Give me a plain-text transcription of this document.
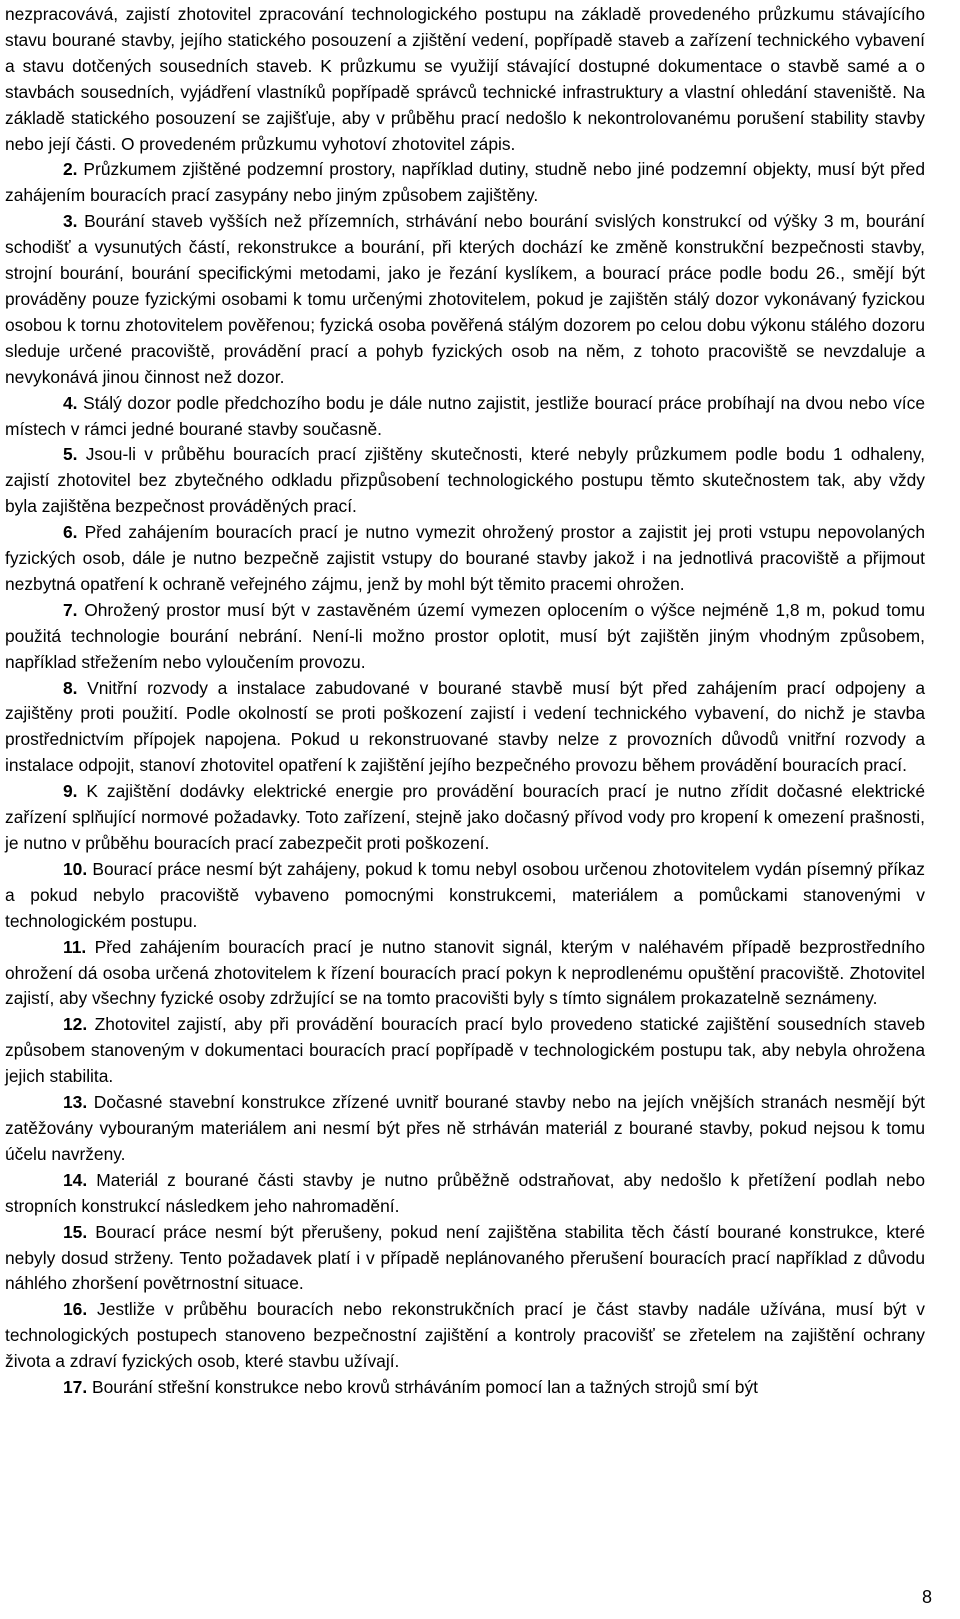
nezpracovává, zajistí zhotovitel zpracování technologického postupu na základě provedeného průzkumu stávajícího stavu bourané stavby, jejího statického posouzení a zjištění vedení, popřípadě staveb a zařízení technického vybavení a stavu dotčených sousedních staveb. K průzkumu se využijí stávající dostupné dokumentace o stavbě samé a o stavbách sousedních, vyjádření vlastníků popřípadě správců technické infrastruktury a vlastní ohledání staveniště. Na základě statického posouzení se zajišťuje, aby v průběhu prací nedošlo k nekontrolovanému porušení stability stavby nebo její části. O provedeném průzkumu vyhotoví zhotovitel zápis.

2. Průzkumem zjištěné podzemní prostory, například dutiny, studně nebo jiné podzemní objekty, musí být před zahájením bouracích prací zasypány nebo jiným způsobem zajištěny.

3. Bourání staveb vyšších než přízemních, strhávání nebo bourání svislých konstrukcí od výšky 3 m, bourání schodišť a vysunutých částí, rekonstrukce a bourání, při kterých dochází ke změně konstrukční bezpečnosti stavby, strojní bourání, bourání specifickými metodami, jako je řezání kyslíkem, a bourací práce podle bodu 26., smějí být prováděny pouze fyzickými osobami k tomu určenými zhotovitelem, pokud je zajištěn stálý dozor vykonávaný fyzickou osobou k tornu zhotovitelem pověřenou; fyzická osoba pověřená stálým dozorem po celou dobu výkonu stálého dozoru sleduje určené pracoviště, provádění prací a pohyb fyzických osob na něm, z tohoto pracoviště se nevzdaluje a nevykonává jinou činnost než dozor.

4. Stálý dozor podle předchozího bodu je dále nutno zajistit, jestliže bourací práce probíhají na dvou nebo více místech v rámci jedné bourané stavby současně.

5. Jsou-li v průběhu bouracích prací zjištěny skutečnosti, které nebyly průzkumem podle bodu 1 odhaleny, zajistí zhotovitel bez zbytečného odkladu přizpůsobení technologického postupu těmto skutečnostem tak, aby vždy byla zajištěna bezpečnost prováděných prací.

6. Před zahájením bouracích prací je nutno vymezit ohrožený prostor a zajistit jej proti vstupu nepovolaných fyzických osob, dále je nutno bezpečně zajistit vstupy do bourané stavby jakož i na jednotlivá pracoviště a přijmout nezbytná opatření k ochraně veřejného zájmu, jenž by mohl být těmito pracemi ohrožen.

7. Ohrožený prostor musí být v zastavěném území vymezen oplocením o výšce nejméně 1,8 m, pokud tomu použitá technologie bourání nebrání. Není-li možno prostor oplotit, musí být zajištěn jiným vhodným způsobem, například střežením nebo vyloučením provozu.

8. Vnitřní rozvody a instalace zabudované v bourané stavbě musí být před zahájením prací odpojeny a zajištěny proti použití. Podle okolností se proti poškození zajistí i vedení technického vybavení, do nichž je stavba prostřednictvím přípojek napojena. Pokud u rekonstruované stavby nelze z provozních důvodů vnitřní rozvody a instalace odpojit, stanoví zhotovitel opatření k zajištění jejího bezpečného provozu během provádění bouracích prací.

9. K zajištění dodávky elektrické energie pro provádění bouracích prací je nutno zřídit dočasné elektrické zařízení splňující normové požadavky. Toto zařízení, stejně jako dočasný přívod vody pro kropení k omezení prašnosti, je nutno v průběhu bouracích prací zabezpečit proti poškození.

10. Bourací práce nesmí být zahájeny, pokud k tomu nebyl osobou určenou zhotovitelem vydán písemný příkaz a pokud nebylo pracoviště vybaveno pomocnými konstrukcemi, materiálem a pomůckami stanovenými v technologickém postupu.

11. Před zahájením bouracích prací je nutno stanovit signál, kterým v naléhavém případě bezprostředního ohrožení dá osoba určená zhotovitelem k řízení bouracích prací pokyn k neprodlenému opuštění pracoviště. Zhotovitel zajistí, aby všechny fyzické osoby zdržující se na tomto pracovišti byly s tímto signálem prokazatelně seznámeny.

12. Zhotovitel zajistí, aby při provádění bouracích prací bylo provedeno statické zajištění sousedních staveb způsobem stanoveným v dokumentaci bouracích prací popřípadě v technologickém postupu tak, aby nebyla ohrožena jejich stabilita.

13. Dočasné stavební konstrukce zřízené uvnitř bourané stavby nebo na jejích vnějších stranách nesmějí být zatěžovány vybouraným materiálem ani nesmí být přes ně strháván materiál z bourané stavby, pokud nejsou k tomu účelu navrženy.

14. Materiál z bourané části stavby je nutno průběžně odstraňovat, aby nedošlo k přetížení podlah nebo stropních konstrukcí následkem jeho nahromadění.

15. Bourací práce nesmí být přerušeny, pokud není zajištěna stabilita těch částí bourané konstrukce, které nebyly dosud strženy. Tento požadavek platí i v případě neplánovaného přerušení bouracích prací například z důvodu náhlého zhoršení povětrnostní situace.

16. Jestliže v průběhu bouracích nebo rekonstrukčních prací je část stavby nadále užívána, musí být v technologických postupech stanoveno bezpečnostní zajištění a kontroly pracovišť se zřetelem na zajištění ochrany života a zdraví fyzických osob, které stavbu užívají.

17. Bourání střešní konstrukce nebo krovů strháváním pomocí lan a tažných strojů smí být

8
